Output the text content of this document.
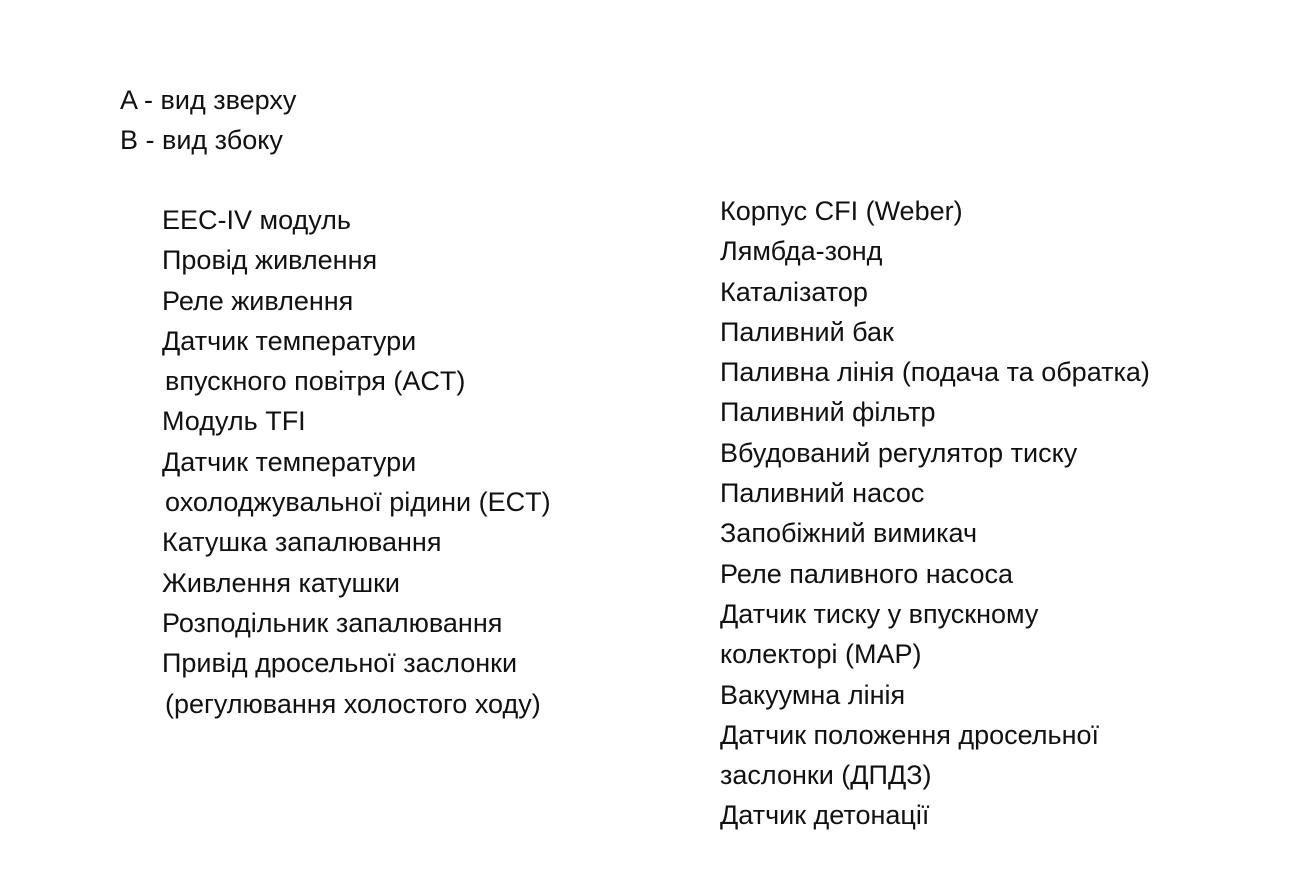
A - вид зверху
B - вид збоку
EEC-IV модуль
Провід живлення
Реле живлення
Датчик температури
впускного повітря (ACT)
Модуль TFI
Датчик температури
охолоджувальної рідини (ECT)
Катушка запалювання
Живлення катушки
Розподільник запалювання
Привід дросельної заслонки
(регулювання холостого ходу)
Корпус CFI (Weber)
Лямбда-зонд
Каталізатор
Паливний бак
Паливна лінія (подача та обратка)
Паливний фільтр
Вбудований регулятор тиску
Паливний насос
Запобіжний вимикач
Реле паливного насоса
Датчик тиску у впускному
колекторі (MAP)
Вакуумна лінія
Датчик положення дросельної
заслонки (ДПДЗ)
Датчик детонації
